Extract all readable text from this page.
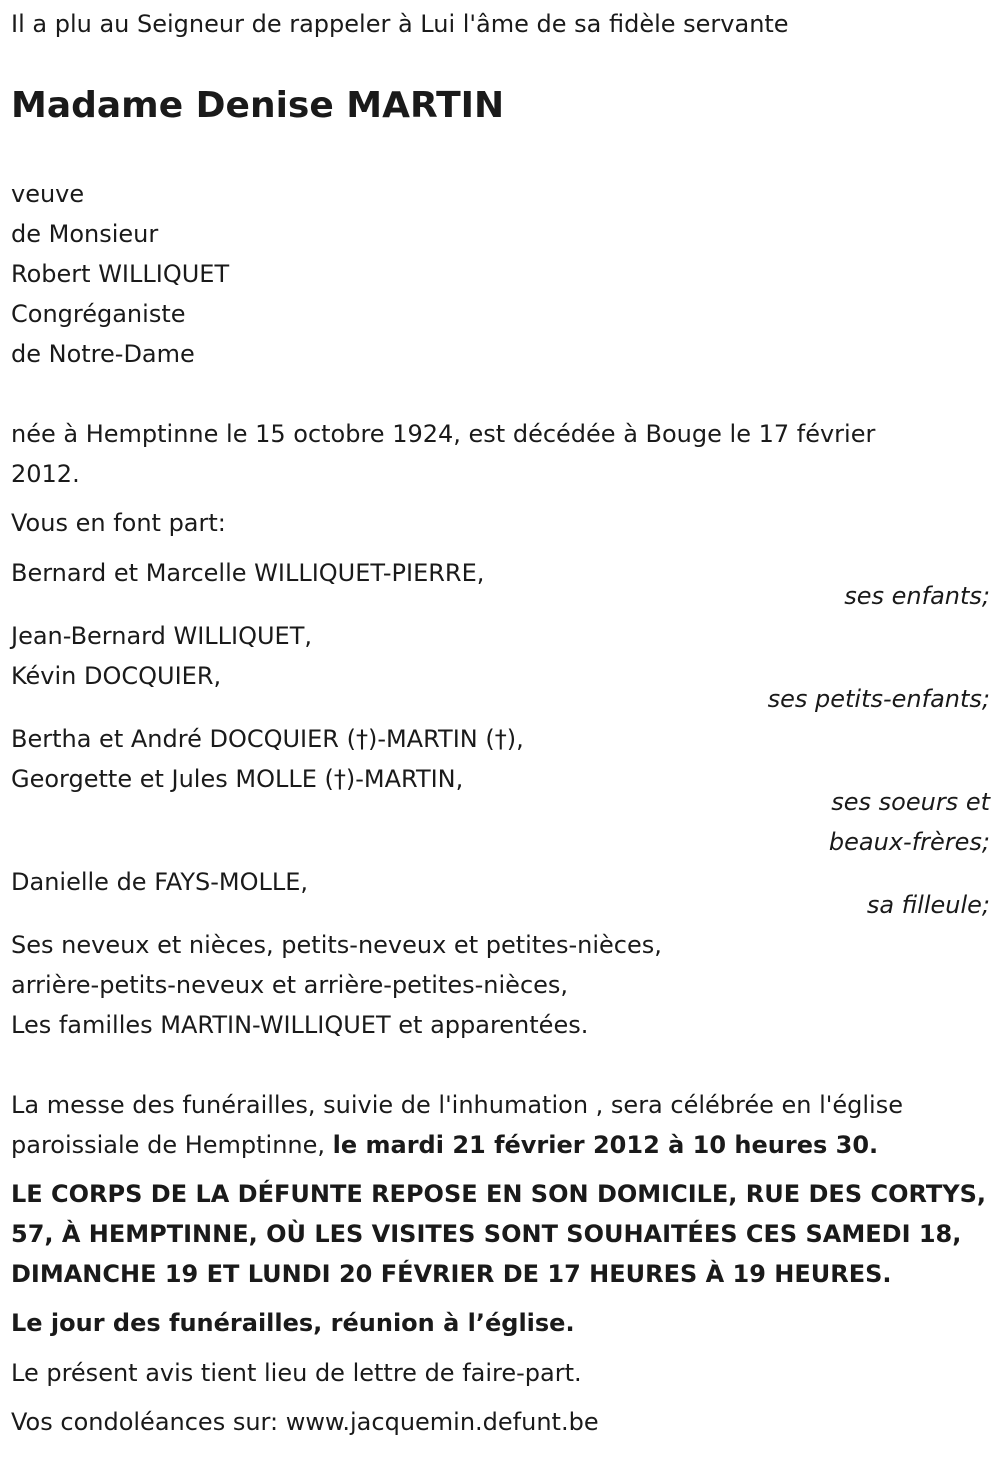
Il a plu au Seigneur de rappeler à Lui l'âme de sa fidèle servante
Madame Denise MARTIN
veuve
de Monsieur
Robert WILLIQUET
Congréganiste
de Notre-Dame
née à Hemptinne le 15 octobre 1924, est décédée à Bouge le 17 février
2012.
Vous en font part:
Bernard et Marcelle WILLIQUET-PIERRE,
ses enfants;
Jean-Bernard WILLIQUET,
Kévin DOCQUIER,
ses petits-enfants;
Bertha et André DOCQUIER (†)-MARTIN (†),
Georgette et Jules MOLLE (†)-MARTIN,
ses soeurs et
beaux-frères;
Danielle de FAYS-MOLLE,
sa filleule;
Ses neveux et nièces, petits-neveux et petites-nièces,
arrière-petits-neveux et arrière-petites-nièces,
Les familles MARTIN-WILLIQUET et apparentées.
La messe des funérailles, suivie de l'inhumation , sera célébrée en l'église
paroissiale de Hemptinne, le mardi 21 février 2012 à 10 heures 30.
LE CORPS DE LA DÉFUNTE REPOSE EN SON DOMICILE, RUE DES CORTYS,
57, À HEMPTINNE, OÙ LES VISITES SONT SOUHAITÉES CES SAMEDI 18,
DIMANCHE 19 ET LUNDI 20 FÉVRIER DE 17 HEURES À 19 HEURES.
Le jour des funérailles, réunion à l’église.
Le présent avis tient lieu de lettre de faire-part.
Vos condoléances sur: www.jacquemin.defunt.be
